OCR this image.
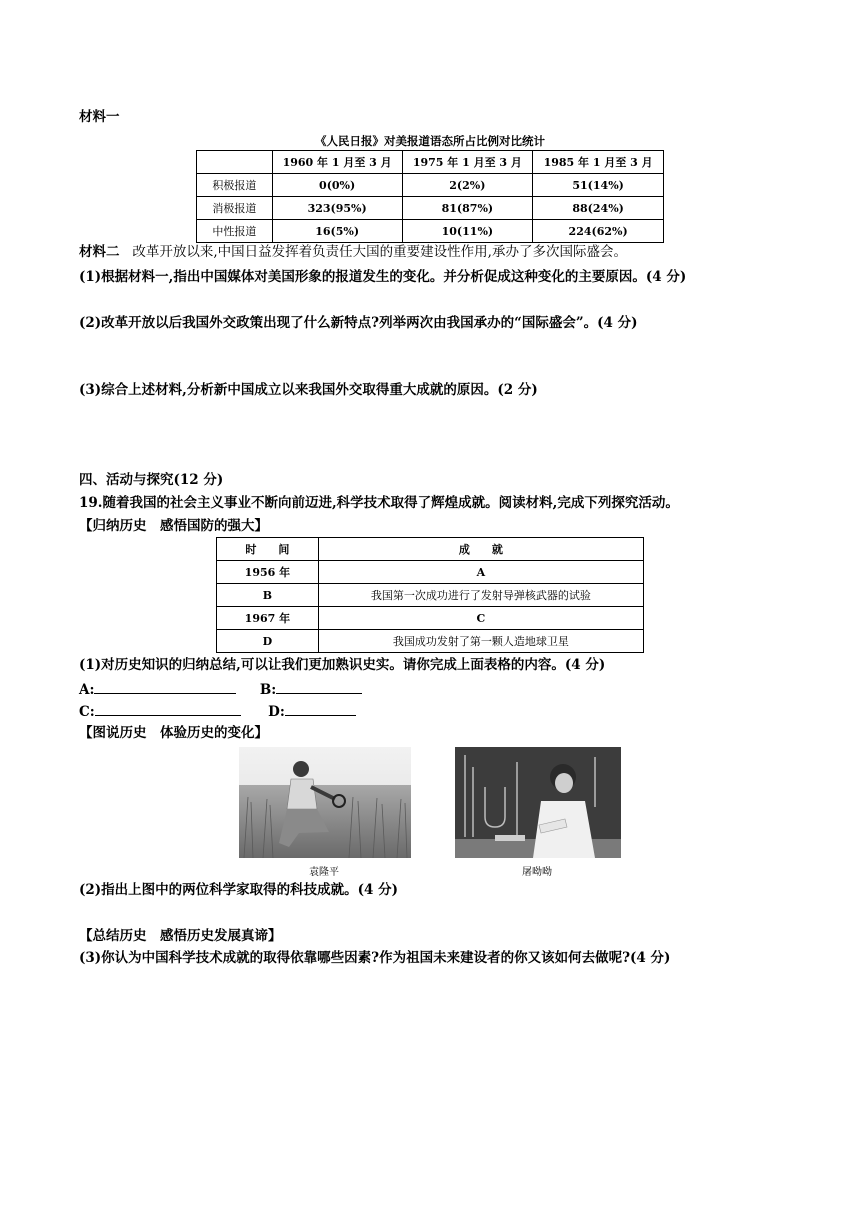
材料一
《人民日报》对美报道语态所占比例对比统计
	1960 年 1 月至 3 月	1975 年 1 月至 3 月	1985 年 1 月至 3 月
积极报道	0(0%)	2(2%)	51(14%)
消极报道	323(95%)	81(87%)	88(24%)
中性报道	16(5%)	10(11%)	224(62%)
材料二 改革开放以来,中国日益发挥着负责任大国的重要建设性作用,承办了多次国际盛会。
(1)根据材料一,指出中国媒体对美国形象的报道发生的变化。并分析促成这种变化的主要原因。(4 分)
(2)改革开放以后我国外交政策出现了什么新特点?列举两次由我国承办的“国际盛会”。(4 分)
(3)综合上述材料,分析新中国成立以来我国外交取得重大成就的原因。(2 分)
四、活动与探究(12 分)
19.随着我国的社会主义事业不断向前迈进,科学技术取得了辉煌成就。阅读材料,完成下列探究活动。
【归纳历史　感悟国防的强大】
时　　间	成　　就
1956 年	A
B	我国第一次成功进行了发射导弹核武器的试验
1967 年	C
D	我国成功发射了第一颗人造地球卫星
(1)对历史知识的归纳总结,可以让我们更加熟识史实。请你完成上面表格的内容。(4 分)
A:	B:
C:	D:
【图说历史　体验历史的变化】
袁隆平	屠呦呦
(2)指出上图中的两位科学家取得的科技成就。(4 分)
【总结历史　感悟历史发展真谛】
(3)你认为中国科学技术成就的取得依靠哪些因素?作为祖国未来建设者的你又该如何去做呢?(4 分)
